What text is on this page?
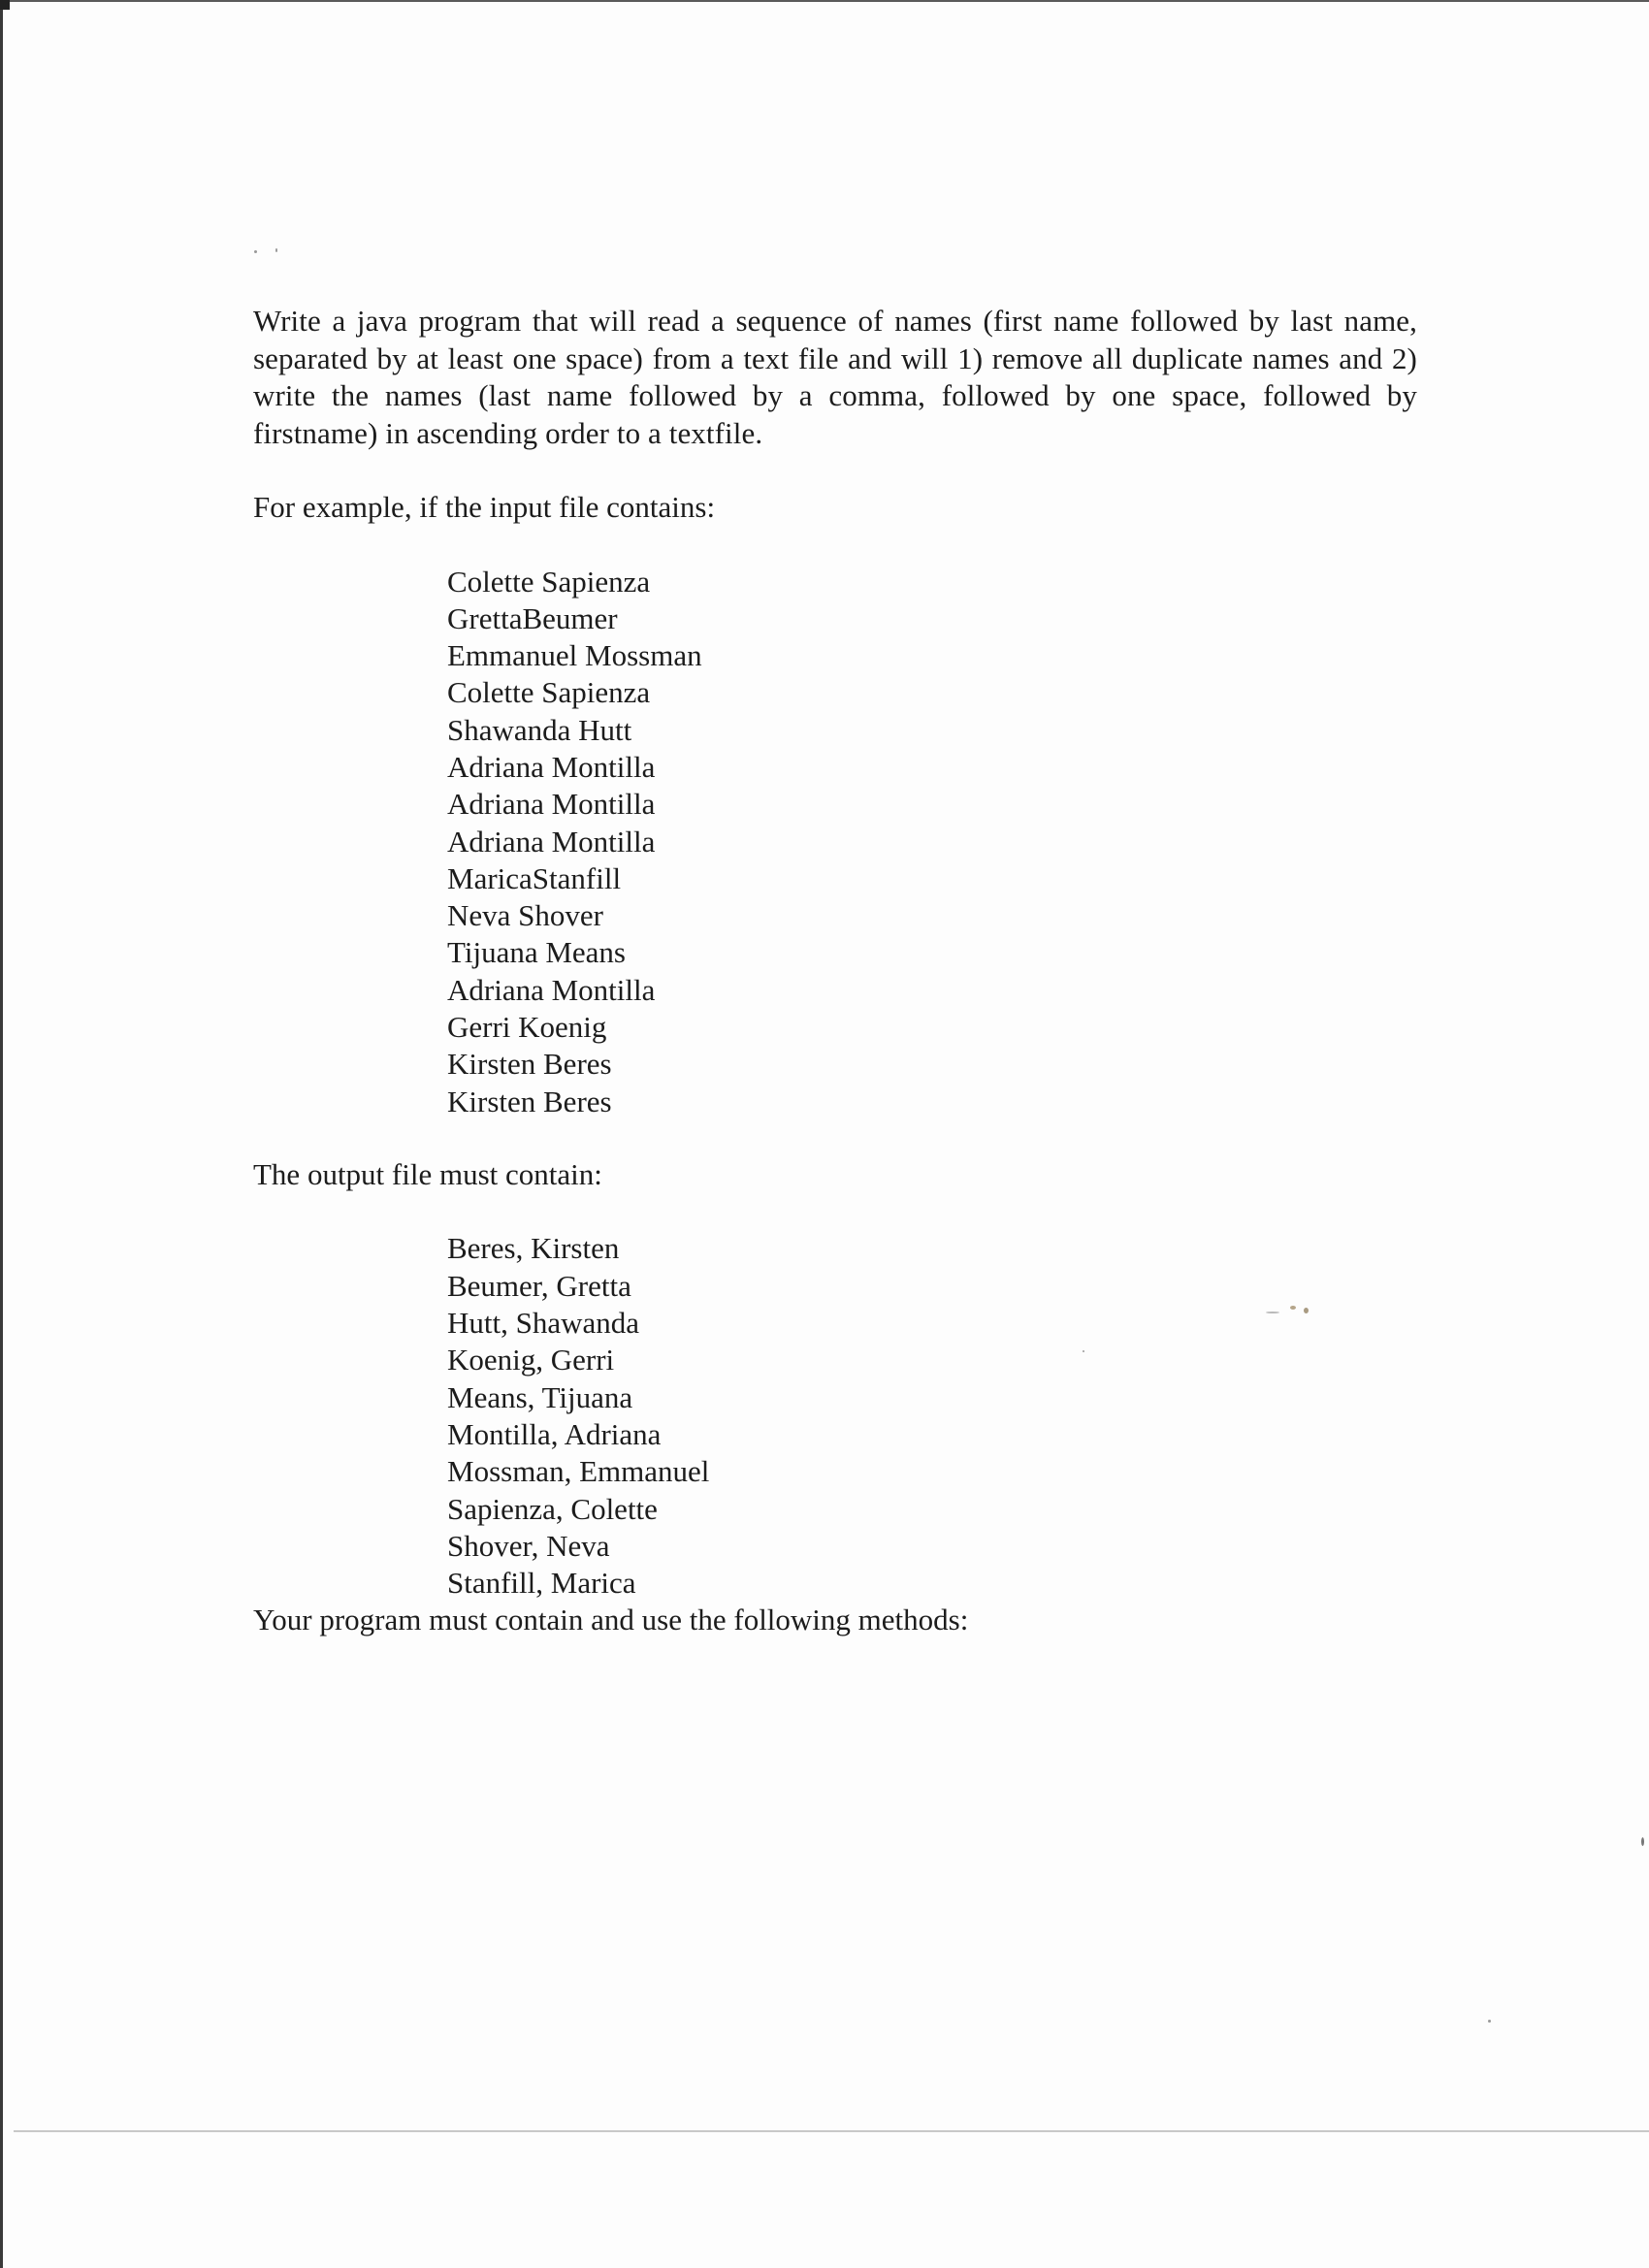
Write a java program that will read a sequence of names (first name followed by last name, separated by at least one space) from a text file and will 1) remove all duplicate names and 2) write the names (last name followed by a comma, followed by one space, followed by firstname) in ascending order to a textfile.

For example, if the input file contains:

Colette Sapienza
GrettaBeumer
Emmanuel Mossman
Colette Sapienza
Shawanda Hutt
Adriana Montilla
Adriana Montilla
Adriana Montilla
MaricaStanfill
Neva Shover
Tijuana Means
Adriana Montilla
Gerri Koenig
Kirsten Beres
Kirsten Beres

The output file must contain:

Beres, Kirsten
Beumer, Gretta
Hutt, Shawanda
Koenig, Gerri
Means, Tijuana
Montilla, Adriana
Mossman, Emmanuel
Sapienza, Colette
Shover, Neva
Stanfill, Marica

Your program must contain and use the following methods:
